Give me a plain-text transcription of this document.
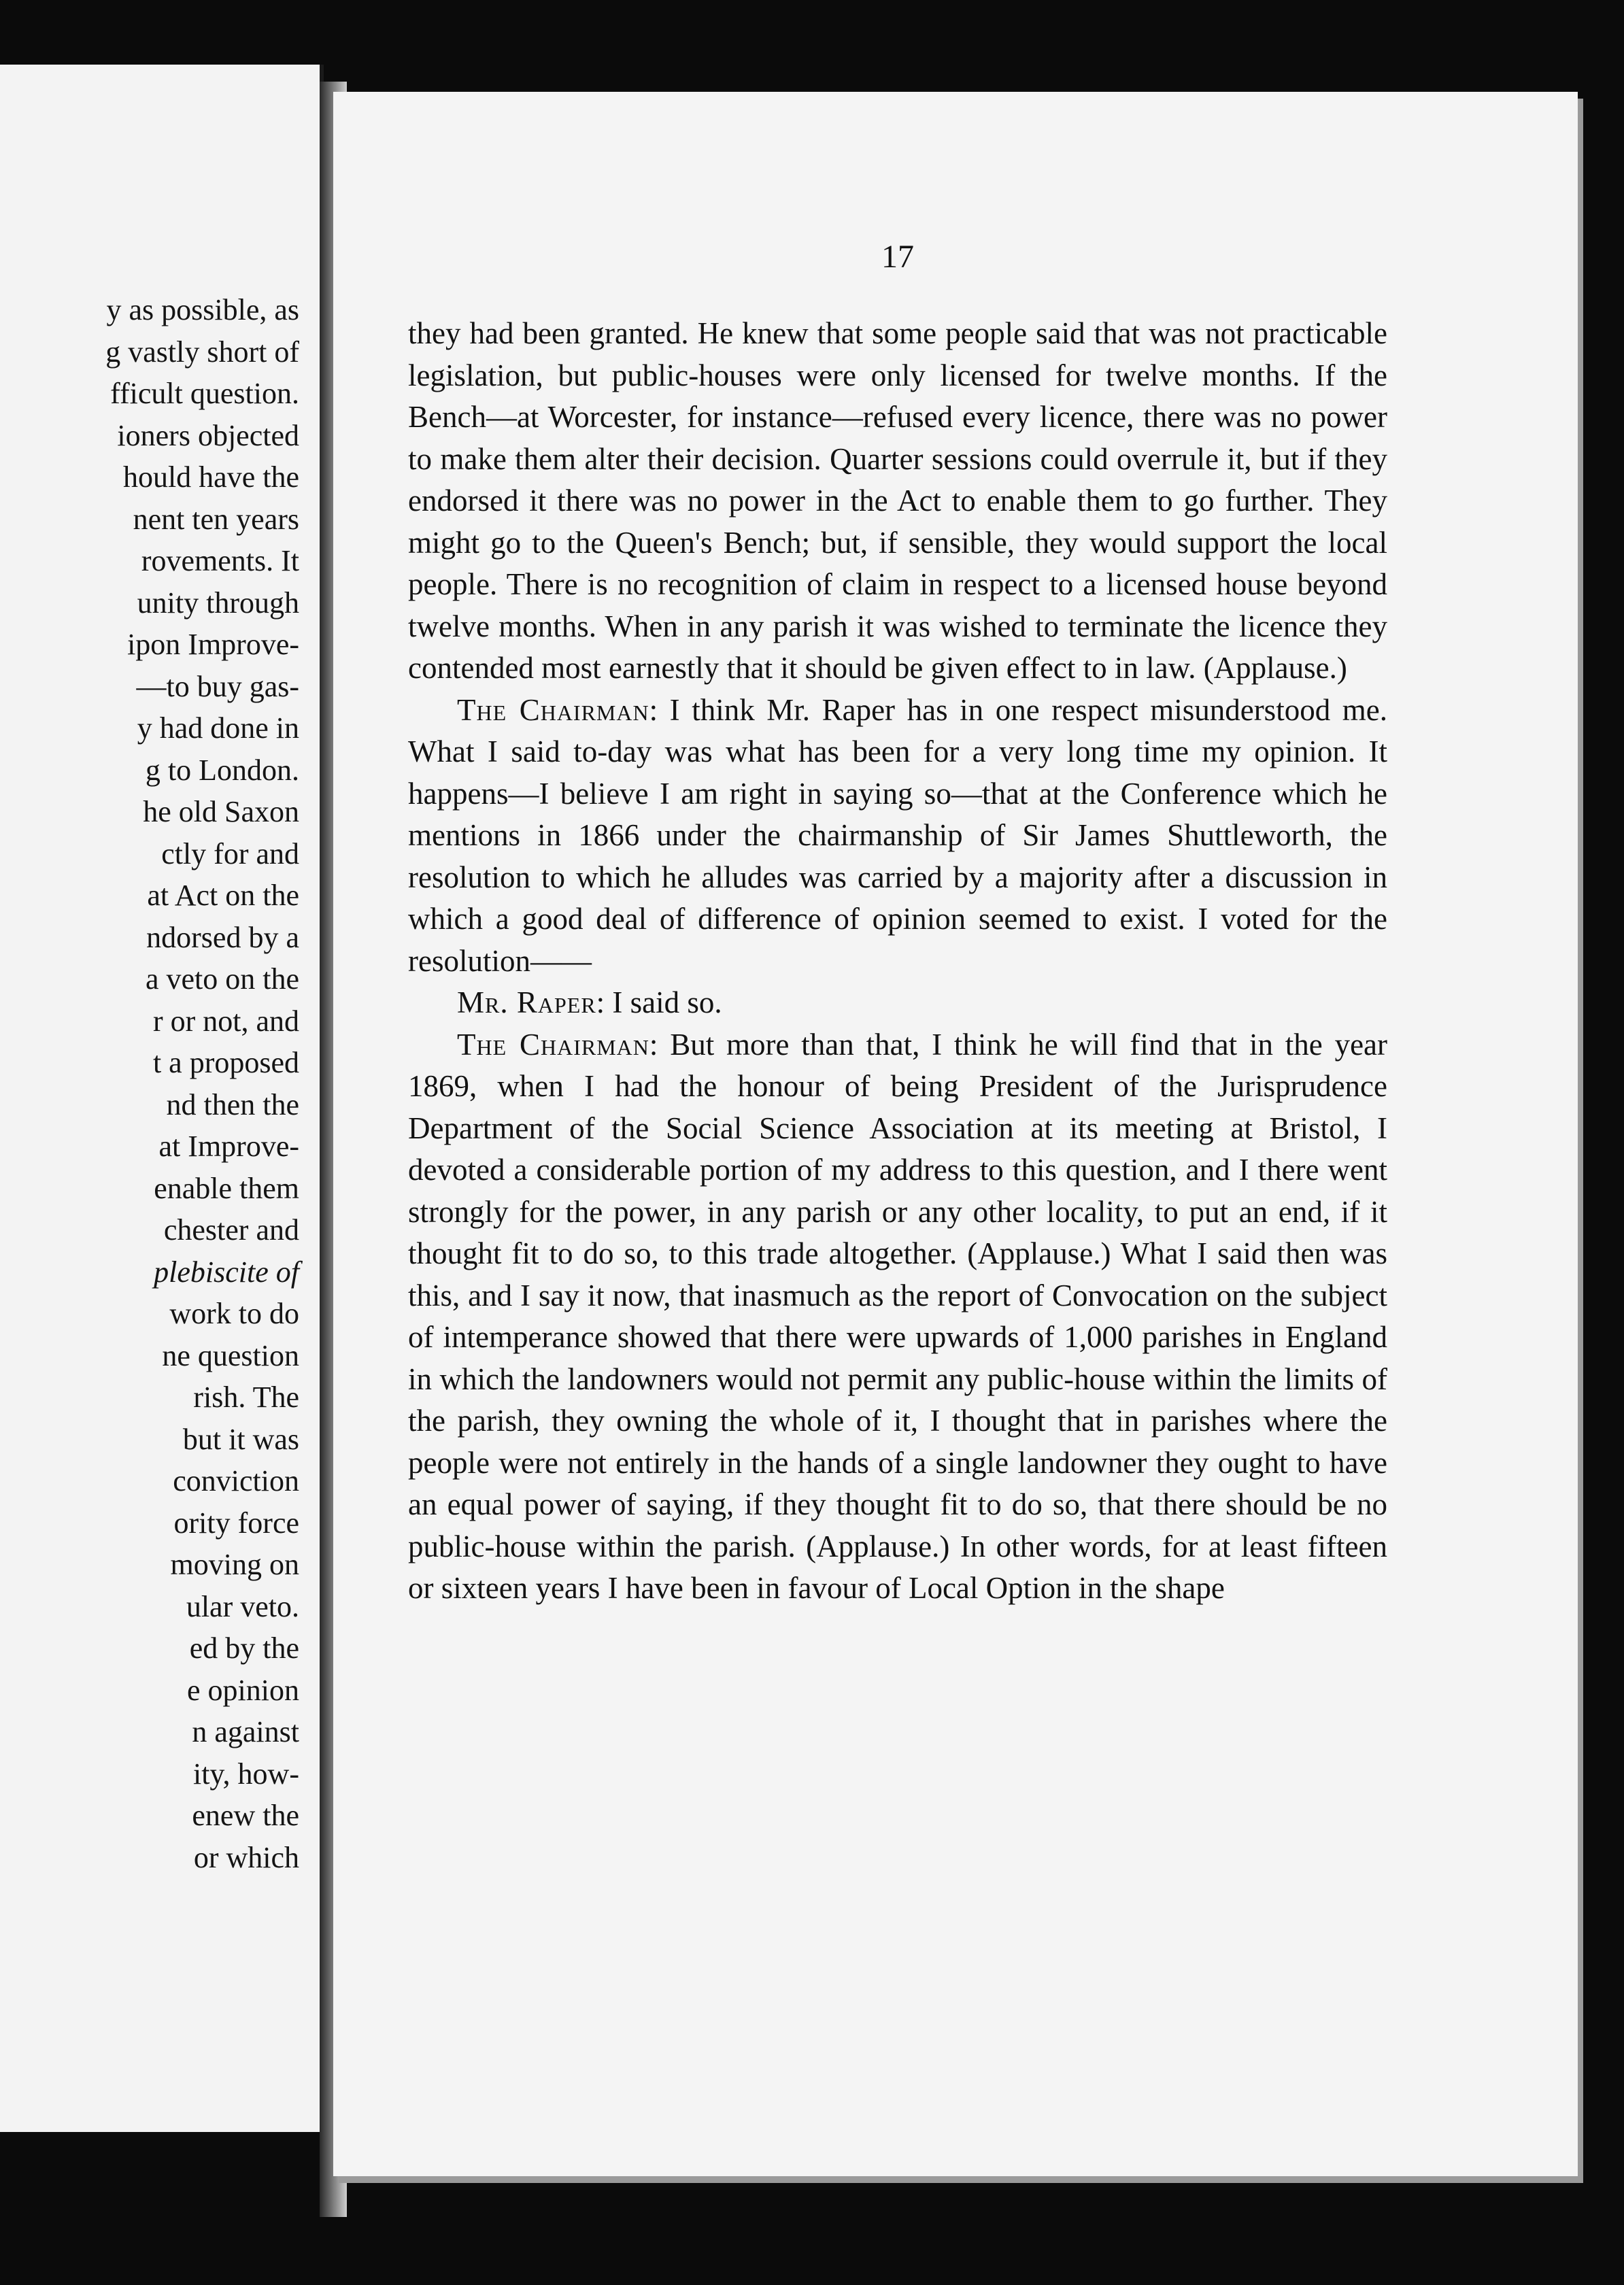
y as possible, as
g vastly short of
fficult question.
ioners objected
hould have the
nent ten years
rovements. It
unity through
ipon Improve-
—to buy gas-
y had done in
g to London.
he old Saxon
ctly for and
at Act on the
ndorsed by a
a veto on the
r or not, and
t a proposed
nd then the
at Improve-
enable them
chester and
plebiscite of
work to do
ne question
rish. The
but it was
conviction
ority force
moving on
ular veto.
ed by the
e opinion
n against
ity, how-
enew the
or which
17

they had been granted. He knew that some people said that was not practicable legislation, but public-houses were only licensed for twelve months. If the Bench—at Worcester, for instance—refused every licence, there was no power to make them alter their decision. Quarter sessions could overrule it, but if they endorsed it there was no power in the Act to enable them to go further. They might go to the Queen's Bench; but, if sensible, they would support the local people. There is no recognition of claim in respect to a licensed house beyond twelve months. When in any parish it was wished to terminate the licence they contended most earnestly that it should be given effect to in law. (Applause.)

The Chairman: I think Mr. Raper has in one respect misunderstood me. What I said to-day was what has been for a very long time my opinion. It happens—I believe I am right in saying so—that at the Conference which he mentions in 1866 under the chairmanship of Sir James Shuttleworth, the resolution to which he alludes was carried by a majority after a discussion in which a good deal of difference of opinion seemed to exist. I voted for the resolution——

Mr. Raper: I said so.

The Chairman: But more than that, I think he will find that in the year 1869, when I had the honour of being President of the Jurisprudence Department of the Social Science Association at its meeting at Bristol, I devoted a considerable portion of my address to this question, and I there went strongly for the power, in any parish or any other locality, to put an end, if it thought fit to do so, to this trade altogether. (Applause.) What I said then was this, and I say it now, that inasmuch as the report of Convocation on the subject of intemperance showed that there were upwards of 1,000 parishes in England in which the landowners would not permit any public-house within the limits of the parish, they owning the whole of it, I thought that in parishes where the people were not entirely in the hands of a single landowner they ought to have an equal power of saying, if they thought fit to do so, that there should be no public-house within the parish. (Applause.) In other words, for at least fifteen or sixteen years I have been in favour of Local Option in the shape
